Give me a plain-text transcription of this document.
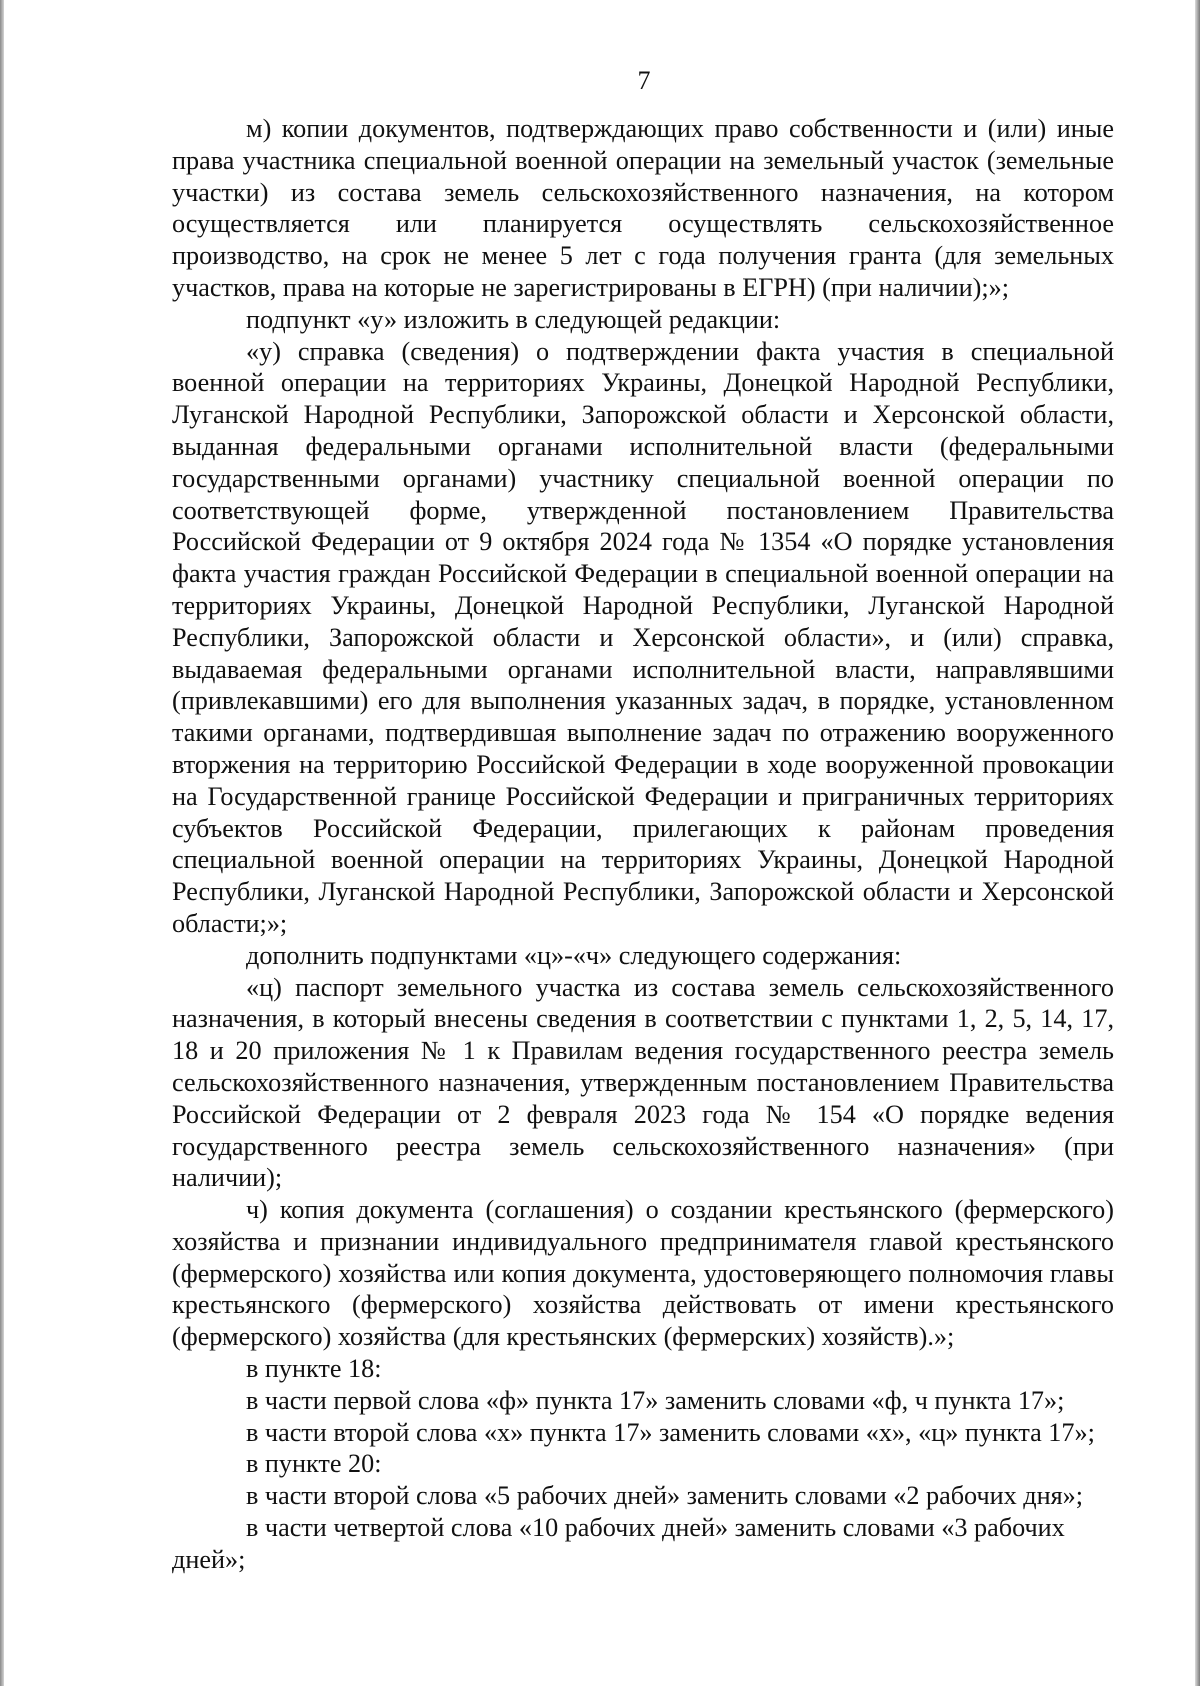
7

м) копии документов, подтверждающих право собственности и (или) иные права участника специальной военной операции на земельный участок (земельные участки) из состава земель сельскохозяйственного назначения, на котором осуществляется или планируется осуществлять сельскохозяйственное производство, на срок не менее 5 лет с года получения гранта (для земельных участков, права на которые не зарегистрированы в ЕГРН) (при наличии);»;

подпункт «у» изложить в следующей редакции:

«у) справка (сведения) о подтверждении факта участия в специальной военной операции на территориях Украины, Донецкой Народной Республики, Луганской Народной Республики, Запорожской области и Херсонской области, выданная федеральными органами исполнительной власти (федеральными государственными органами) участнику специальной военной операции по соответствующей форме, утвержденной постановлением Правительства Российской Федерации от 9 октября 2024 года № 1354 «О порядке установления факта участия граждан Российской Федерации в специальной военной операции на территориях Украины, Донецкой Народной Республики, Луганской Народной Республики, Запорожской области и Херсонской области», и (или) справка, выдаваемая федеральными органами исполнительной власти, направлявшими (привлекавшими) его для выполнения указанных задач, в порядке, установленном такими органами, подтвердившая выполнение задач по отражению вооруженного вторжения на территорию Российской Федерации в ходе вооруженной провокации на Государственной границе Российской Федерации и приграничных территориях субъектов Российской Федерации, прилегающих к районам проведения специальной военной операции на территориях Украины, Донецкой Народной Республики, Луганской Народной Республики, Запорожской области и Херсонской области;»;

дополнить подпунктами «ц»-«ч» следующего содержания:

«ц) паспорт земельного участка из состава земель сельскохозяйственного назначения, в который внесены сведения в соответствии с пунктами 1, 2, 5, 14, 17, 18 и 20 приложения № 1 к Правилам ведения государственного реестра земель сельскохозяйственного назначения, утвержденным постановлением Правительства Российской Федерации от 2 февраля 2023 года № 154 «О порядке ведения государственного реестра земель сельскохозяйственного назначения» (при наличии);

ч) копия документа (соглашения) о создании крестьянского (фермерского) хозяйства и признании индивидуального предпринимателя главой крестьянского (фермерского) хозяйства или копия документа, удостоверяющего полномочия главы крестьянского (фермерского) хозяйства действовать от имени крестьянского (фермерского) хозяйства (для крестьянских (фермерских) хозяйств).»;

в пункте 18:

в части первой слова «ф» пункта 17» заменить словами «ф, ч пункта 17»;

в части второй слова «х» пункта 17» заменить словами «х», «ц» пункта 17»;

в пункте 20:

в части второй слова «5 рабочих дней» заменить словами «2 рабочих дня»;

в части четвертой слова «10 рабочих дней» заменить словами «3 рабочих дней»;
